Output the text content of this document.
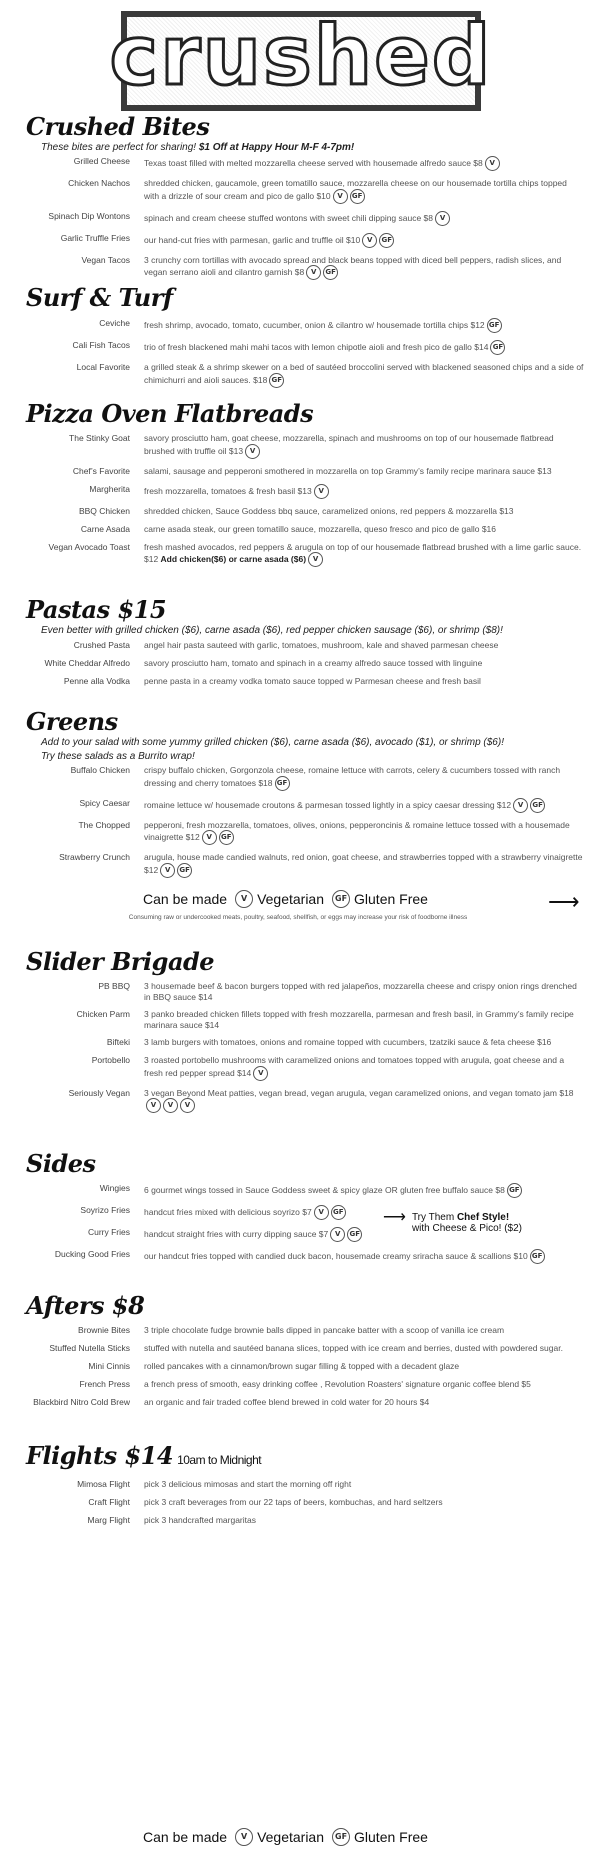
crushed
Crushed Bites
These bites are perfect for sharing! $1 Off at Happy Hour M-F 4-7pm!
Grilled Cheese Texas toast filled with melted mozzarella cheese served with housemade alfredo sauce $8 V
Chicken Nachos shredded chicken, gaucamole, green tomatillo sauce, mozzarella cheese on our housemade tortilla chips topped with a drizzle of sour cream and pico de gallo $10 V GF
Spinach Dip Wontons spinach and cream cheese stuffed wontons with sweet chili dipping sauce $8 V
Garlic Truffle Fries our hand-cut fries with parmesan, garlic and truffle oil $10 V GF
Vegan Tacos 3 crunchy corn tortillas with avocado spread and black beans topped with diced bell peppers, radish slices, and vegan serrano aioli and cilantro garnish $8 V GF
Surf & Turf
Ceviche fresh shrimp, avocado, tomato, cucumber, onion & cilantro w/ housemade tortilla chips $12 GF
Cali Fish Tacos trio of fresh blackened mahi mahi tacos with lemon chipotle aioli and fresh pico de gallo $14 GF
Local Favorite a grilled steak & a shrimp skewer on a bed of sautéed broccolini served with blackened seasoned chips and a side of chimichurri and aioli sauces. $18 GF
Pizza Oven Flatbreads
The Stinky Goat savory prosciutto ham, goat cheese, mozzarella, spinach and mushrooms on top of our housemade flatbread brushed with truffle oil $13 V
Chef’s Favorite salami, sausage and pepperoni smothered in mozzarella on top Grammy’s family recipe marinara sauce $13
Margherita fresh mozzarella, tomatoes & fresh basil $13 V
BBQ Chicken shredded chicken, Sauce Goddess bbq sauce, caramelized onions, red peppers & mozzarella $13
Carne Asada carne asada steak, our green tomatillo sauce, mozzarella, queso fresco and pico de gallo $16
Vegan Avocado Toast fresh mashed avocados, red peppers & arugula on top of our housemade flatbread brushed with a lime garlic sauce. $12 Add chicken($6) or carne asada ($6) V
Pastas $15
Even better with grilled chicken ($6), carne asada ($6), red pepper chicken sausage ($6), or shrimp ($8)!
Crushed Pasta angel hair pasta sauteed with garlic, tomatoes, mushroom, kale and shaved parmesan cheese
White Cheddar Alfredo savory prosciutto ham, tomato and spinach in a creamy alfredo sauce tossed with linguine
Penne alla Vodka penne pasta in a creamy vodka tomato sauce topped w Parmesan cheese and fresh basil
Greens
Add to your salad with some yummy grilled chicken ($6), carne asada ($6), avocado ($1), or shrimp ($6)!
Try these salads as a Burrito wrap!
Buffalo Chicken crispy buffalo chicken, Gorgonzola cheese, romaine lettuce with carrots, celery & cucumbers tossed with ranch dressing and cherry tomatoes $18 GF
Spicy Caesar romaine lettuce w/ housemade croutons & parmesan tossed lightly in a spicy caesar dressing $12 V GF
The Chopped pepperoni, fresh mozzarella, tomatoes, olives, onions, pepperoncinis & romaine lettuce tossed with a housemade vinaigrette $12 V GF
Strawberry Crunch arugula, house made candied walnuts, red onion, goat cheese, and strawberries topped with a strawberry vinaigrette $12 V GF
Can be made	V Vegetarian	GF Gluten Free	⟶
Consuming raw or undercooked meats, poultry, seafood, shellfish, or eggs may increase your risk of foodborne illness
Slider Brigade
PB BBQ 3 housemade beef & bacon burgers topped with red jalapeños, mozzarella cheese and crispy onion rings drenched in BBQ sauce $14
Chicken Parm 3 panko breaded chicken fillets topped with fresh mozzarella, parmesan and fresh basil, in Grammy’s family recipe marinara sauce $14
Bifteki 3 lamb burgers with tomatoes, onions and romaine topped with cucumbers, tzatziki sauce & feta cheese $16
Portobello 3 roasted portobello mushrooms with caramelized onions and tomatoes topped with arugula, goat cheese and a fresh red pepper spread $14 V
Seriously Vegan 3 vegan Beyond Meat patties, vegan bread, vegan arugula, vegan caramelized onions, and vegan tomato jam $18V V V
Sides
Wingies 6 gourmet wings tossed in Sauce Goddess sweet & spicy glaze OR gluten free buffalo sauce $8 GF
Soyrizo Fries handcut fries mixed with delicious soyrizo $7 V GF
Curry Fries handcut straight fries with curry dipping sauce $7 V GF
Ducking Good Fries our handcut fries topped with candied duck bacon, housemade creamy sriracha sauce & scallions $10 GF
⟶ Try Them Chef Style!
with Cheese & Pico! ($2)
Afters $8
Brownie Bites 3 triple chocolate fudge brownie balls dipped in pancake batter with a scoop of vanilla ice cream
Stuffed Nutella Sticks stuffed with nutella and sautéed banana slices, topped with ice cream and berries, dusted with powdered sugar.
Mini Cinnis rolled pancakes with a cinnamon/brown sugar filling & topped with a decadent glaze
French Press a french press of smooth, easy drinking coffee , Revolution Roasters' signature organic coffee blend $5
Blackbird Nitro Cold Brew an organic and fair traded coffee blend brewed in cold water for 20 hours $4
Flights $14 10am to Midnight
Mimosa Flight pick 3 delicious mimosas and start the morning off right
Craft Flight pick 3 craft beverages from our 22 taps of beers, kombuchas, and hard seltzers
Marg Flight pick 3 handcrafted margaritas
Can be made	V Vegetarian	GF Gluten Free
